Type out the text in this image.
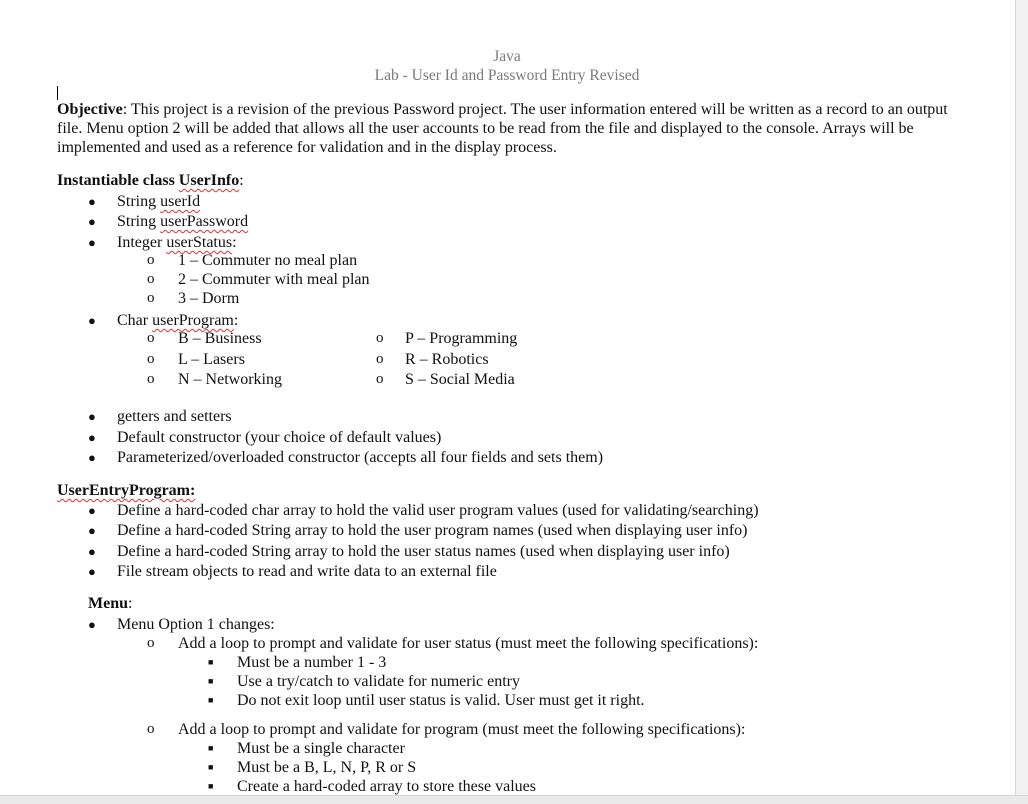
Java
Lab - User Id and Password Entry Revised
Objective: This project is a revision of the previous Password project. The user information entered will be written as a record to an output file. Menu option 2 will be added that allows all the user accounts to be read from the file and displayed to the console. Arrays will be implemented and used as a reference for validation and in the display process.
Instantiable class UserInfo:
● String userId
● String userPassword
● Integer userStatus:
o 1 – Commuter no meal plan
o 2 – Commuter with meal plan
o 3 – Dorm
● Char userProgram:
o B – Business
o L – Lasers
o N – Networking
o P – Programming
o R – Robotics
o S – Social Media
● getters and setters
● Default constructor (your choice of default values)
● Parameterized/overloaded constructor (accepts all four fields and sets them)
UserEntryProgram:
● Define a hard-coded char array to hold the valid user program values (used for validating/searching)
● Define a hard-coded String array to hold the user program names (used when displaying user info)
● Define a hard-coded String array to hold the user status names (used when displaying user info)
● File stream objects to read and write data to an external file
Menu:
● Menu Option 1 changes:
o Add a loop to prompt and validate for user status (must meet the following specifications):
■ Must be a number 1 - 3
■ Use a try/catch to validate for numeric entry
■ Do not exit loop until user status is valid. User must get it right.
o Add a loop to prompt and validate for program (must meet the following specifications):
■ Must be a single character
■ Must be a B, L, N, P, R or S
■ Create a hard-coded array to store these values
